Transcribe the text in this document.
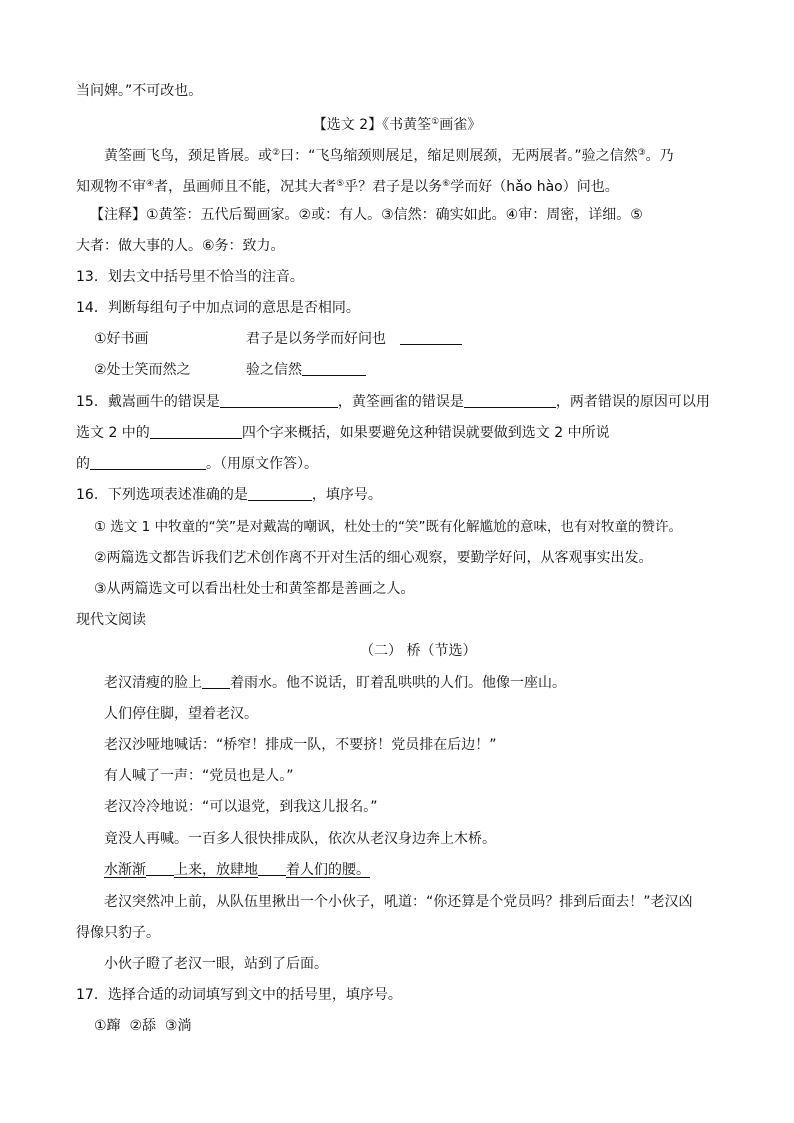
当问婢。”不可改也。
【选文 2】《书黄筌①画雀》
黄筌画飞鸟，颈足皆展。或②曰：“飞鸟缩颈则展足，缩足则展颈，无两展者。”验之信然③。乃
知观物不审④者，虽画师且不能，况其大者⑤乎？君子是以务⑥学而好（hǎo hào）问也。
【注释】①黄筌：五代后蜀画家。②或：有人。③信然：确实如此。④审：周密，详细。⑤
大者：做大事的人。⑥务：致力。
13．划去文中括号里不恰当的注音。
14．判断每组句子中加点词的意思是否相同。
①好书画	君子是以务学而好问也
②处士笑而然之	验之信然
15．戴嵩画牛的错误是	，黄筌画雀的错误是	，两者错误的原因可以用
选文 2 中的	四个字来概括，如果要避免这种错误就要做到选文 2 中所说
的	。（用原文作答）。
16．下列选项表述准确的是	，填序号。
① 选文 1 中牧童的“笑”是对戴嵩的嘲讽，杜处士的“笑”既有化解尴尬的意味，也有对牧童的赞许。
②两篇选文都告诉我们艺术创作离不开对生活的细心观察，要勤学好问，从客观事实出发。
③从两篇选文可以看出杜处士和黄筌都是善画之人。
现代文阅读
（二） 桥（节选）
老汉清瘦的脸上 着雨水。他不说话，盯着乱哄哄的人们。他像一座山。
人们停住脚，望着老汉。
老汉沙哑地喊话：“桥窄！排成一队，不要挤！党员排在后边！”
有人喊了一声：“党员也是人。”
老汉冷冷地说：“可以退党，到我这儿报名。”
竟没人再喊。一百多人很快排成队，依次从老汉身边奔上木桥。
水渐渐 上来，放肆地 着人们的腰。
老汉突然冲上前，从队伍里揪出一个小伙子，吼道：“你还算是个党员吗？排到后面去！”老汉凶
得像只豹子。
小伙子瞪了老汉一眼，站到了后面。
17．选择合适的动词填写到文中的括号里，填序号。
①蹿  ②舔  ③淌
